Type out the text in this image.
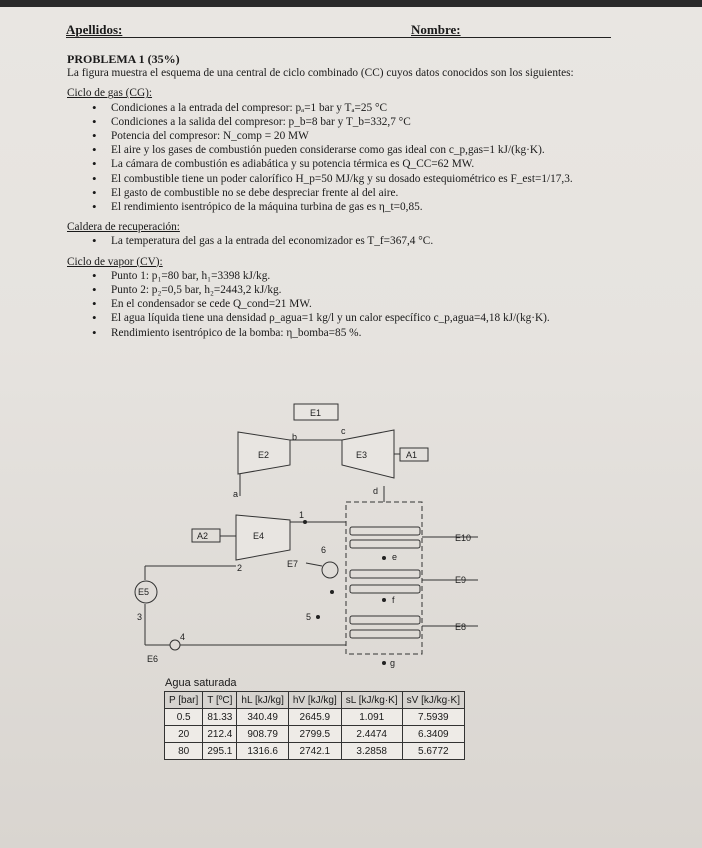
Apellidos:	Nombre:
PROBLEMA 1 (35%)
La figura muestra el esquema de una central de ciclo combinado (CC) cuyos datos conocidos son los siguientes:
Ciclo de gas (CG):
• Condiciones a la entrada del compresor: pₐ=1 bar y Tₐ=25 °C
• Condiciones a la salida del compresor: p_b=8 bar y T_b=332,7 °C
• Potencia del compresor: N_comp = 20 MW
• El aire y los gases de combustión pueden considerarse como gas ideal con c_p,gas=1 kJ/(kg·K).
• La cámara de combustión es adiabática y su potencia térmica es Q_CC=62 MW.
• El combustible tiene un poder calorífico H_p=50 MJ/kg y su dosado estequiométrico es F_est=1/17,3.
• El gasto de combustible no se debe despreciar frente al del aire.
• El rendimiento isentrópico de la máquina turbina de gas es η_t=0,85.
Caldera de recuperación:
• La temperatura del gas a la entrada del economizador es T_f=367,4 °C.
Ciclo de vapor (CV):
• Punto 1: p₁=80 bar, h₁=3398 kJ/kg.
• Punto 2: p₂=0,5 bar, h₂=2443,2 kJ/kg.
• En el condensador se cede Q_cond=21 MW.
• El agua líquida tiene una densidad ρ_agua=1 kg/l y un calor específico c_p,agua=4,18 kJ/(kg·K).
• Rendimiento isentrópico de la bomba: η_bomba=85 %.
E1
E2	E3	A1
A2	E4
E5
E6
E7
E8
E9
E10
a
b
c
d
e
f
g
1
2
3
4
5
6
Agua saturada
P [bar]	T [ºC]	hL [kJ/kg]	hV [kJ/kg]	sL [kJ/kg·K]	sV [kJ/kg·K]
0.5	81.33	340.49	2645.9	1.091	7.5939
20	212.4	908.79	2799.5	2.4474	6.3409
80	295.1	1316.6	2742.1	3.2858	5.6772
